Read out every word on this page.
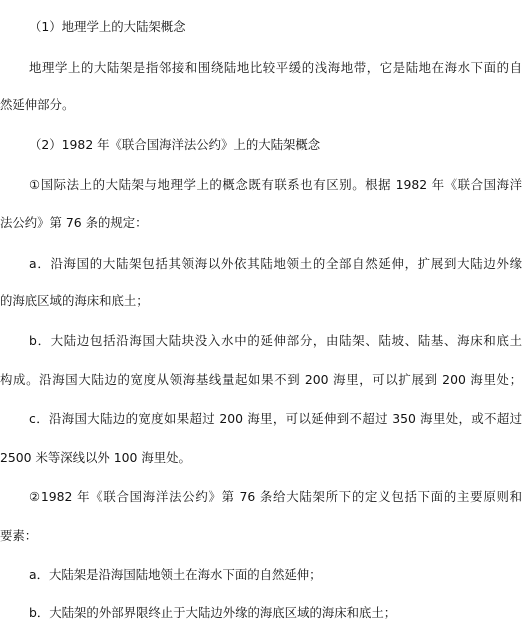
（1）地理学上的大陆架概念
地理学上的大陆架是指邻接和围绕陆地比较平缓的浅海地带，它是陆地在海水下面的自
然延伸部分。
（2）1982 年《联合国海洋法公约》上的大陆架概念
①国际法上的大陆架与地理学上的概念既有联系也有区别。根据 1982 年《联合国海洋
法公约》第 76 条的规定：
a．沿海国的大陆架包括其领海以外依其陆地领土的全部自然延伸，扩展到大陆边外缘
的海底区域的海床和底土；
b．大陆边包括沿海国大陆块没入水中的延伸部分，由陆架、陆坡、陆基、海床和底土
构成。沿海国大陆边的宽度从领海基线量起如果不到 200 海里，可以扩展到 200 海里处；
c．沿海国大陆边的宽度如果超过 200 海里，可以延伸到不超过 350 海里处，或不超过
2500 米等深线以外 100 海里处。
②1982 年《联合国海洋法公约》第 76 条给大陆架所下的定义包括下面的主要原则和
要素：
a．大陆架是沿海国陆地领土在海水下面的自然延伸；
b．大陆架的外部界限终止于大陆边外缘的海底区域的海床和底土；
